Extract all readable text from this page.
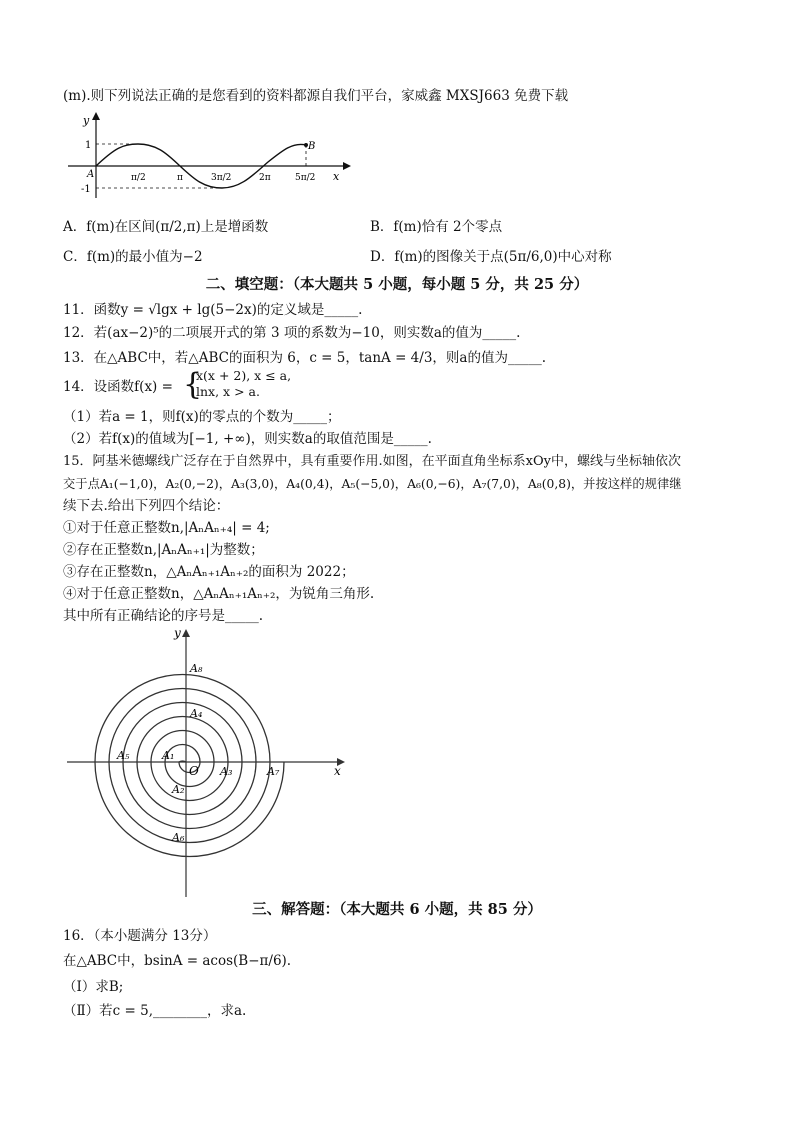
(m).则下列说法正确的是您看到的资料都源自我们平台，家威鑫 MXSJ663 免费下载
y
x
A
B
1
-1
π/2	π	3π/2	2π	5π/2
A．f(m)在区间(π/2,π)上是增函数	B．f(m)恰有 2个零点
C．f(m)的最小值为−2	D．f(m)的图像关于点(5π/6,0)中心对称
二、填空题：（本大题共 5 小题，每小题 5 分，共 25 分）
11．函数y = √lgx + lg(5−2x)的定义域是_____.
12．若(ax−2)⁵的二项展开式的第 3 项的系数为−10，则实数a的值为_____.
13．在△ABC中，若△ABC的面积为 6，c = 5，tanA = 4/3，则a的值为_____.
14．设函数f(x) = {
x(x + 2), x ≤ a,
lnx, x > a.
（1）若a = 1，则f(x)的零点的个数为_____；
（2）若f(x)的值域为[−1, +∞)，则实数a的取值范围是_____.
15．阿基米德螺线广泛存在于自然界中，具有重要作用.如图，在平面直角坐标系xOy中，螺线与坐标轴依次
交于点A₁(−1,0)，A₂(0,−2)，A₃(3,0)，A₄(0,4)，A₅(−5,0)，A₆(0,−6)，A₇(7,0)，A₈(0,8)，并按这样的规律继
续下去.给出下列四个结论：
①对于任意正整数n,|AₙAₙ₊₄| = 4;
②存在正整数n,|AₙAₙ₊₁|为整数；
③存在正整数n，△AₙAₙ₊₁Aₙ₊₂的面积为 2022；
④对于任意正整数n，△AₙAₙ₊₁Aₙ₊₂，为锐角三角形.
其中所有正确结论的序号是_____.
y
x
O
A₁
A₂
A₃
A₄
A₅
A₆
A₇
A₈
三、解答题：（本大题共 6 小题，共 85 分）
16．（本小题满分 13分）
在△ABC中，bsinA = acos(B−π/6).
（Ⅰ）求B;
（Ⅱ）若c = 5,________，求a.
